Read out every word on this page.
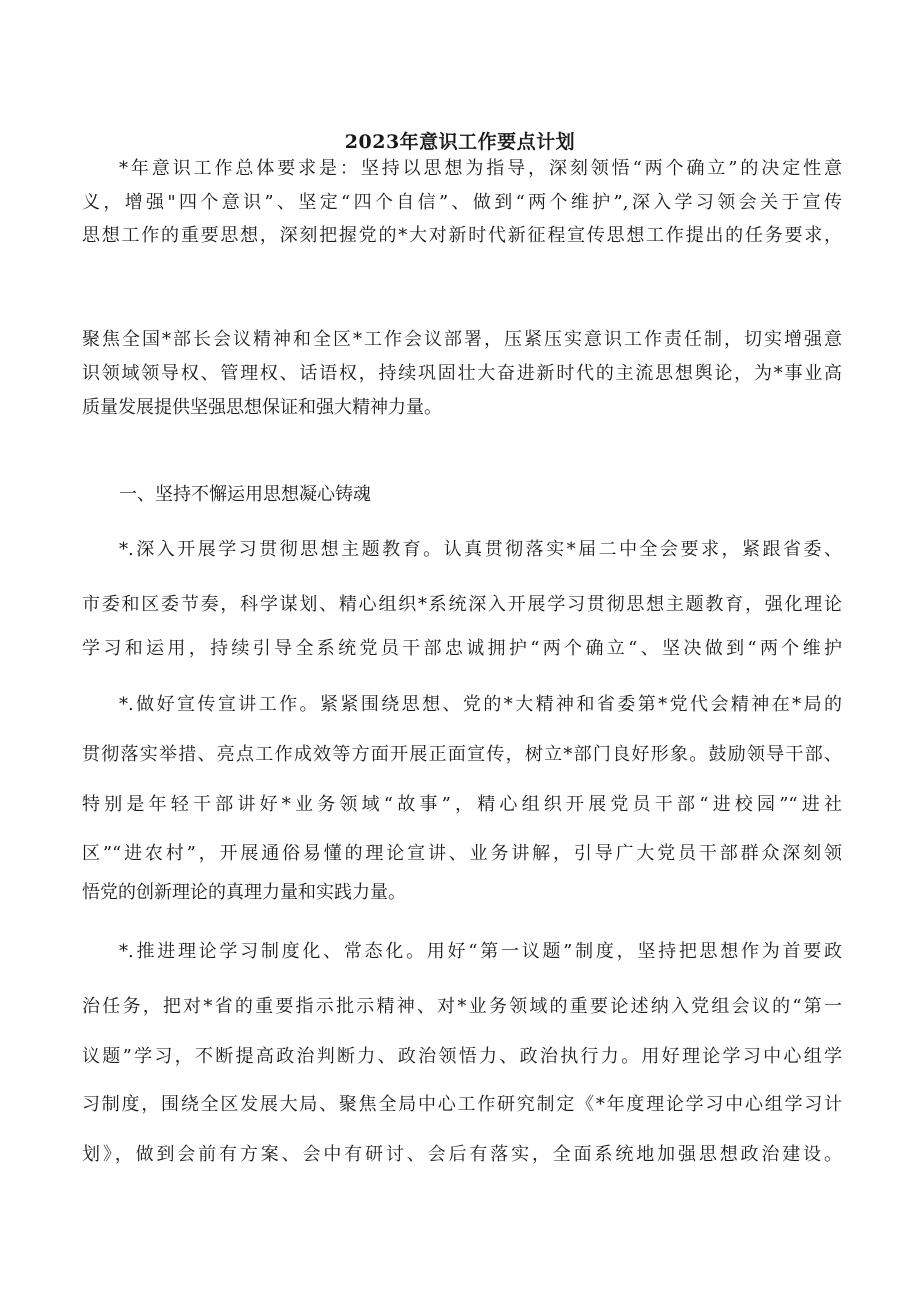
2023年意识工作要点计划
*年意识工作总体要求是：坚持以思想为指导，深刻领悟“两个确立”的决定性意
义，增强"四个意识”、坚定“四个自信”、做到“两个维护”,深入学习领会关于宣传
思想工作的重要思想，深刻把握党的*大对新时代新征程宣传思想工作提出的任务要求，
聚焦全国*部长会议精神和全区*工作会议部署，压紧压实意识工作责任制，切实增强意
识领域领导权、管理权、话语权，持续巩固壮大奋进新时代的主流思想舆论，为*事业高
质量发展提供坚强思想保证和强大精神力量。
一、坚持不懈运用思想凝心铸魂
*.深入开展学习贯彻思想主题教育。认真贯彻落实*届二中全会要求，紧跟省委、
市委和区委节奏，科学谋划、精心组织*系统深入开展学习贯彻思想主题教育，强化理论
学习和运用，持续引导全系统党员干部忠诚拥护“两个确立“、坚决做到“两个维护
*.做好宣传宣讲工作。紧紧围绕思想、党的*大精神和省委第*党代会精神在*局的
贯彻落实举措、亮点工作成效等方面开展正面宣传，树立*部门良好形象。鼓励领导干部、
特别是年轻干部讲好*业务领域“故事”，精心组织开展党员干部“进校园”“进社
区”“进农村”，开展通俗易懂的理论宣讲、业务讲解，引导广大党员干部群众深刻领
悟党的创新理论的真理力量和实践力量。
*.推进理论学习制度化、常态化。用好“第一议题”制度，坚持把思想作为首要政
治任务，把对*省的重要指示批示精神、对*业务领域的重要论述纳入党组会议的“第一
议题”学习，不断提高政治判断力、政治领悟力、政治执行力。用好理论学习中心组学
习制度，围绕全区发展大局、聚焦全局中心工作研究制定《*年度理论学习中心组学习计
划》，做到会前有方案、会中有研讨、会后有落实，全面系统地加强思想政治建设。
